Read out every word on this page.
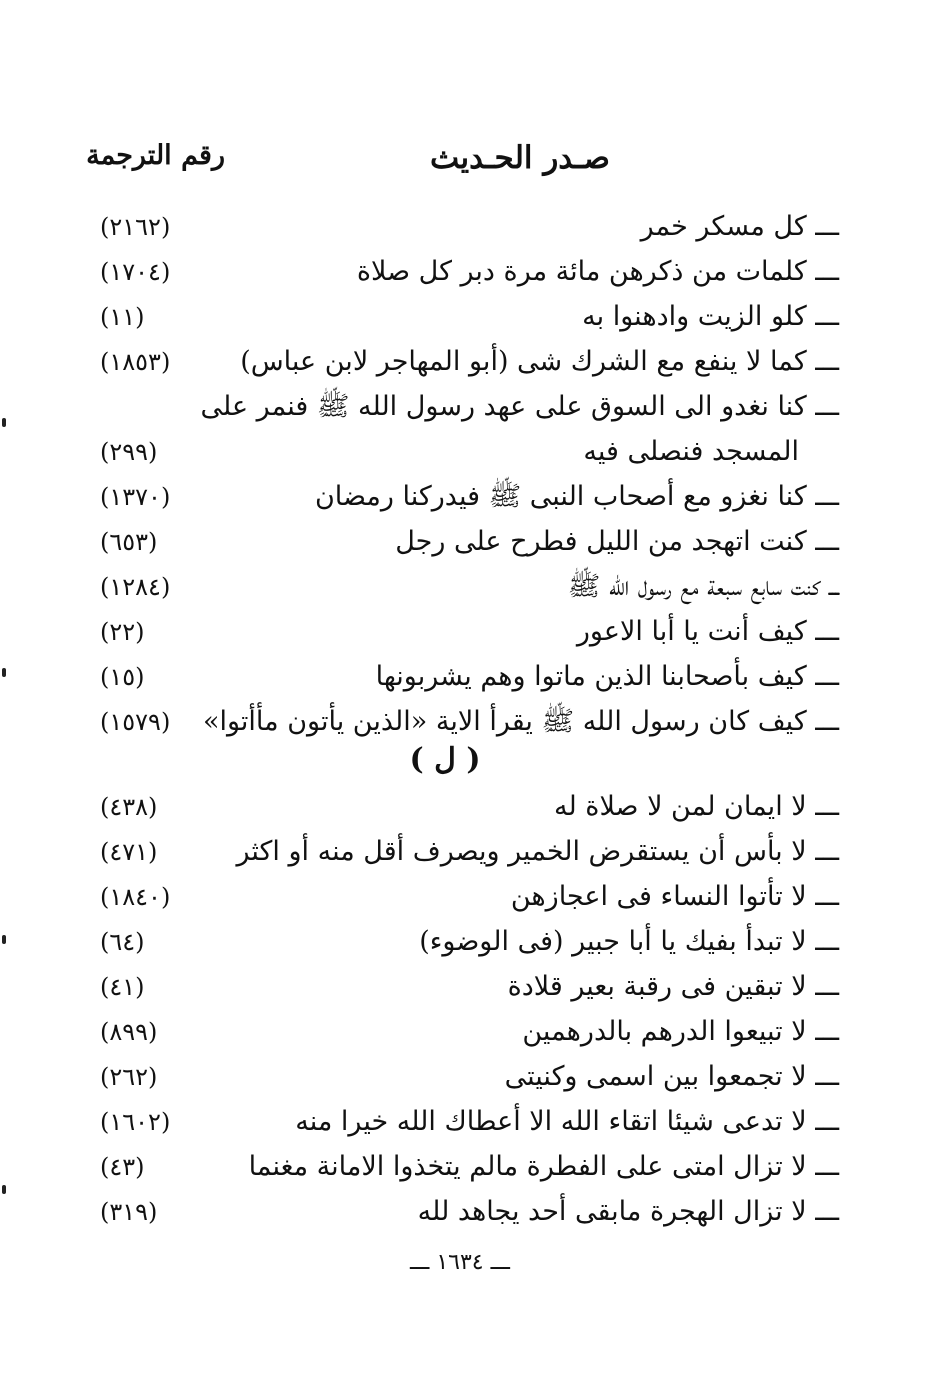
صـدر الحـديث
رقم الترجمة
ـــ كل مسكر خمر
(٢١٦٢)
ـــ كلمات من ذكرهن مائة مرة دبر كل صلاة
(١٧٠٤)
ـــ كلو الزيت وادهنوا به
(١١)
ـــ كما لا ينفع مع الشرك شى (أبو المهاجر لابن عباس)
(١٨٥٣)
ـــ كنا نغدو الى السوق على عهد رسول الله ﷺ فنمر على
المسجد فنصلى فيه
(٢٩٩)
ـــ كنا نغزو مع أصحاب النبى ﷺ فيدركنا رمضان
(١٣٧٠)
ـــ كنت اتهجد من الليل فطرح على رجل
(٦٥٣)
ـــ كنت سابع سبعة مع رسول الله ﷺ
(١٢٨٤)
ـــ كيف أنت يا أبا الاعور
(٢٢)
ـــ كيف بأصحابنا الذين ماتوا وهم يشربونها
(١٥)
ـــ كيف كان رسول الله ﷺ يقرأ الاية «الذين يأتون مأأتوا»
(١٥٧٩)
( ل )
ـــ لا ايمان لمن لا صلاة له
(٤٣٨)
ـــ لا بأس أن يستقرض الخمير ويصرف أقل منه أو اكثر
(٤٧١)
ـــ لا تأتوا النساء فى اعجازهن
(١٨٤٠)
ـــ لا تبدأ بفيك يا أبا جبير (فى الوضوء)
(٦٤)
ـــ لا تبقين فى رقبة بعير قلادة
(٤١)
ـــ لا تبيعوا الدرهم بالدرهمين
(٨٩٩)
ـــ لا تجمعوا بين اسمى وكنيتى
(٢٦٢)
ـــ لا تدعى شيئا اتقاء الله الا أعطاك الله خيرا منه
(١٦٠٢)
ـــ لا تزال امتى على الفطرة مالم يتخذوا الامانة مغنما
(٤٣)
ـــ لا تزال الهجرة مابقى أحد يجاهد لله
(٣١٩)
ـــ ١٦٣٤ ـــ
